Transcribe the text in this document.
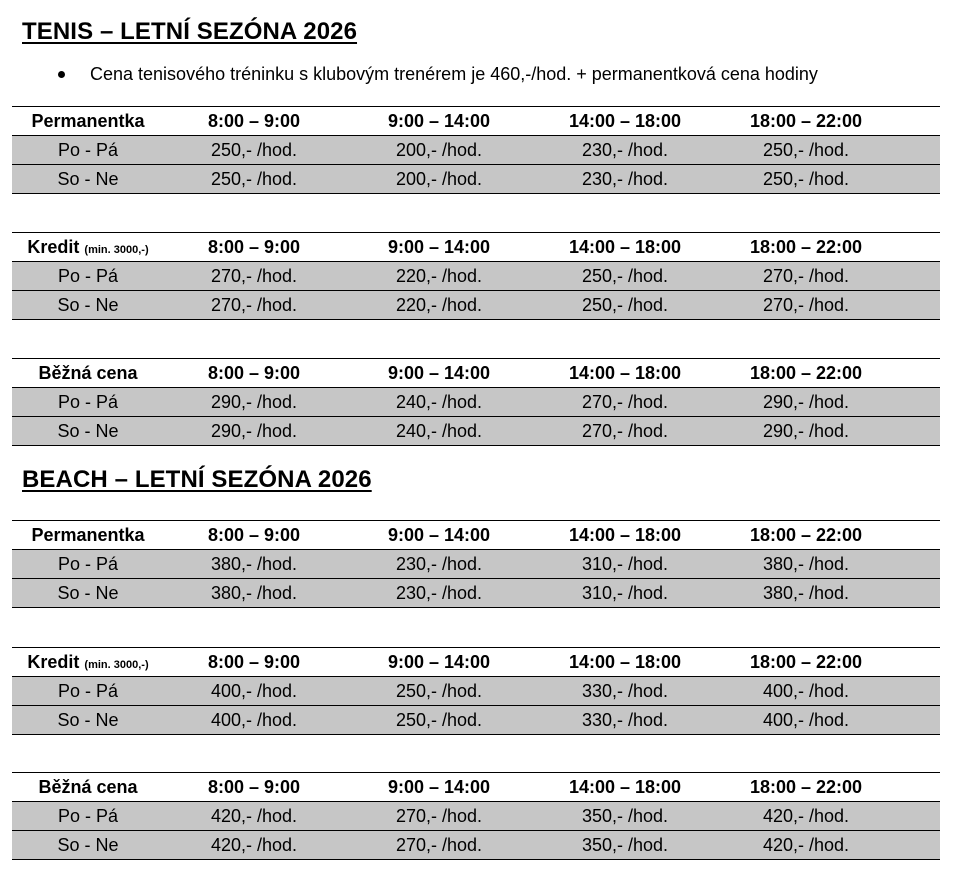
TENIS – LETNÍ SEZÓNA 2026
Cena tenisového tréninku s klubovým trenérem je 460,-/hod. + permanentková cena hodiny
Permanentka	8:00 – 9:00	9:00 – 14:00	14:00 – 18:00	18:00 – 22:00
Po - Pá	250,- /hod.	200,- /hod.	230,- /hod.	250,- /hod.
So - Ne	250,- /hod.	200,- /hod.	230,- /hod.	250,- /hod.
Kredit (min. 3000,-)	8:00 – 9:00	9:00 – 14:00	14:00 – 18:00	18:00 – 22:00
Po - Pá	270,- /hod.	220,- /hod.	250,- /hod.	270,- /hod.
So - Ne	270,- /hod.	220,- /hod.	250,- /hod.	270,- /hod.
Běžná cena	8:00 – 9:00	9:00 – 14:00	14:00 – 18:00	18:00 – 22:00
Po - Pá	290,- /hod.	240,- /hod.	270,- /hod.	290,- /hod.
So - Ne	290,- /hod.	240,- /hod.	270,- /hod.	290,- /hod.
BEACH – LETNÍ SEZÓNA 2026
Permanentka	8:00 – 9:00	9:00 – 14:00	14:00 – 18:00	18:00 – 22:00
Po - Pá	380,- /hod.	230,- /hod.	310,- /hod.	380,- /hod.
So - Ne	380,- /hod.	230,- /hod.	310,- /hod.	380,- /hod.
Kredit (min. 3000,-)	8:00 – 9:00	9:00 – 14:00	14:00 – 18:00	18:00 – 22:00
Po - Pá	400,- /hod.	250,- /hod.	330,- /hod.	400,- /hod.
So - Ne	400,- /hod.	250,- /hod.	330,- /hod.	400,- /hod.
Běžná cena	8:00 – 9:00	9:00 – 14:00	14:00 – 18:00	18:00 – 22:00
Po - Pá	420,- /hod.	270,- /hod.	350,- /hod.	420,- /hod.
So - Ne	420,- /hod.	270,- /hod.	350,- /hod.	420,- /hod.
